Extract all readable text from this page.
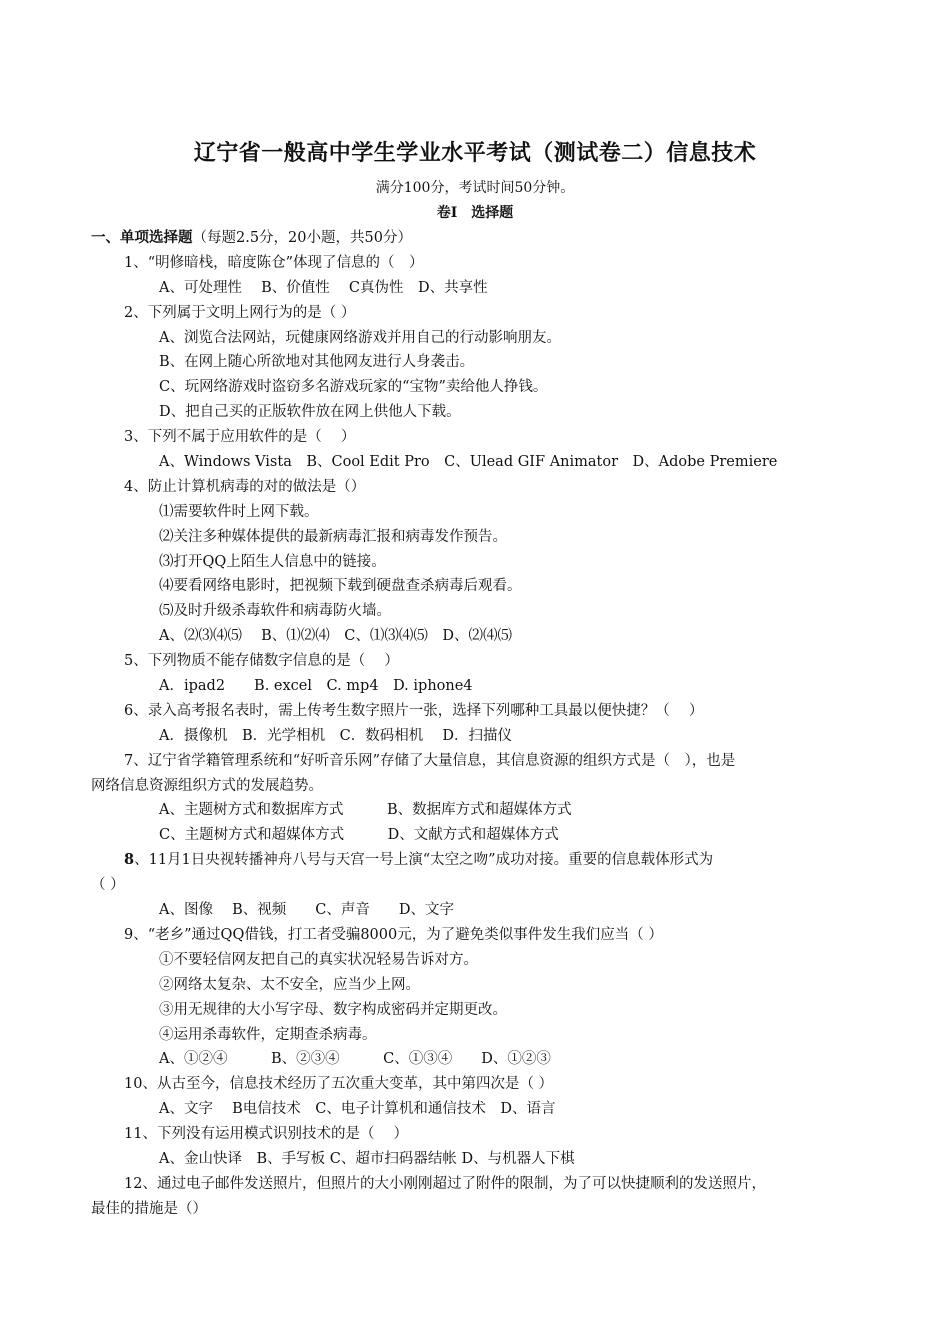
辽宁省一般高中学生学业水平考试（测试卷二）信息技术
满分100分，考试时间50分钟。
卷Ⅰ　选择题
一、单项选择题（每题2.5分，20小题，共50分）
1、“明修暗栈，暗度陈仓”体现了信息的（　）
A、可处理性　 B、价值性　 C真伪性　D、共享性
2、下列属于文明上网行为的是（ ）
A、浏览合法网站，玩健康网络游戏并用自己的行动影响朋友。
B、在网上随心所欲地对其他网友进行人身袭击。
C、玩网络游戏时盗窃多名游戏玩家的“宝物”卖给他人挣钱。
D、把自己买的正版软件放在网上供他人下载。
3、下列不属于应用软件的是（　 ）
A、Windows Vista　B、Cool Edit Pro　C、Ulead GIF Animator　D、Adobe Premiere
4、防止计算机病毒的对的做法是（）
⑴需要软件时上网下载。
⑵关注多种媒体提供的最新病毒汇报和病毒发作预告。
⑶打开QQ上陌生人信息中的链接。
⑷要看网络电影时，把视频下载到硬盘查杀病毒后观看。
⑸及时升级杀毒软件和病毒防火墙。
A、⑵⑶⑷⑸　 B、⑴⑵⑷　C、⑴⑶⑷⑸　D、⑵⑷⑸
5、下列物质不能存储数字信息的是（　 ）
A．ipad2　　B. excel　C. mp4　D. iphone4
6、录入高考报名表时，需上传考生数字照片一张，选择下列哪种工具最以便快捷？（　 ）
A．摄像机　B．光学相机　C．数码相机　 D．扫描仪
7、辽宁省学籍管理系统和“好听音乐网”存储了大量信息，其信息资源的组织方式是（　），也是
网络信息资源组织方式的发展趋势。
A、主题树方式和数据库方式　　　B、数据库方式和超媒体方式
C、主题树方式和超媒体方式　　　D、文献方式和超媒体方式
8、11月1日央视转播神舟八号与天宫一号上演“太空之吻”成功对接。重要的信息载体形式为
（ ）
A、图像　 B、视频　　C、声音　　D、文字
9、“老乡”通过QQ借钱，打工者受骗8000元，为了避免类似事件发生我们应当（ ）
①不要轻信网友把自己的真实状况轻易告诉对方。
②网络太复杂、太不安全，应当少上网。
③用无规律的大小写字母、数字构成密码并定期更改。
④运用杀毒软件，定期查杀病毒。
A、①②④　　　B、②③④　　　C、①③④　　D、①②③
10、从古至今，信息技术经历了五次重大变革，其中第四次是（ ）
A、文字　 B电信技术　C、电子计算机和通信技术　D、语言
11、下列没有运用模式识别技术的是（　 ）
A、金山快译　B、手写板 C、超市扫码器结帐 D、与机器人下棋
12、通过电子邮件发送照片，但照片的大小刚刚超过了附件的限制，为了可以快捷顺利的发送照片，
最佳的措施是（）
